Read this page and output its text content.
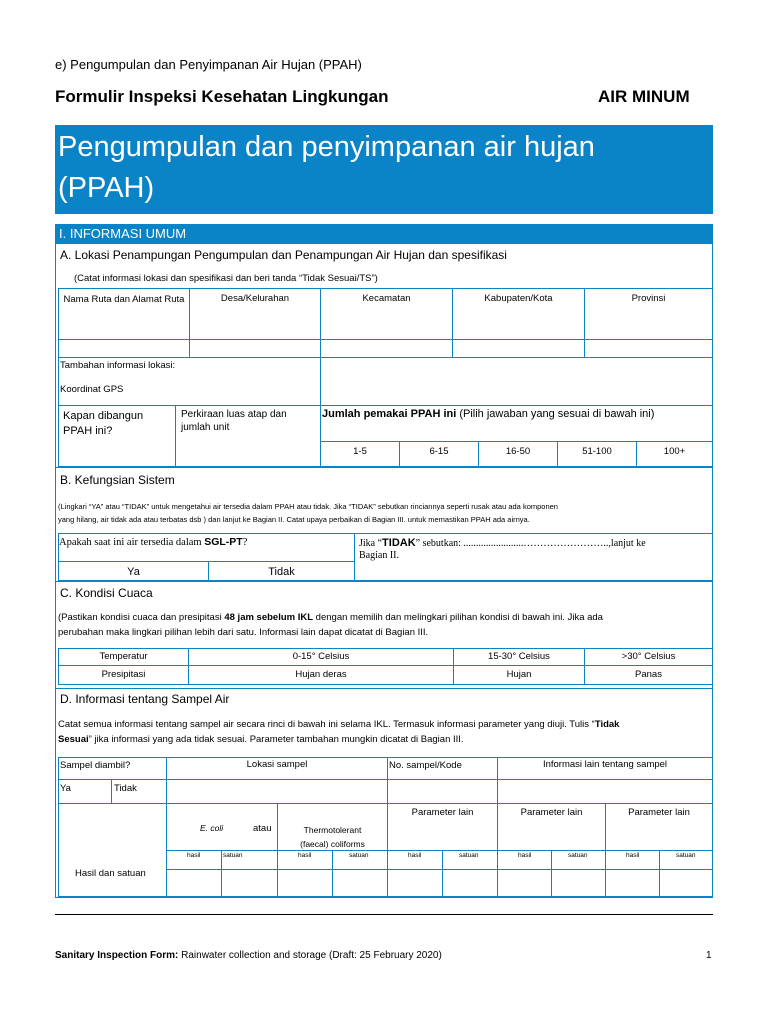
e) Pengumpulan dan Penyimpanan Air Hujan (PPAH)
Formulir Inspeksi Kesehatan Lingkungan	AIR MINUM
Pengumpulan dan penyimpanan air hujan
(PPAH)
I. INFORMASI UMUM
A. Lokasi Penampungan Pengumpulan dan Penampungan Air Hujan dan spesifikasi
(Catat informasi lokasi dan spesifikasi dan beri tanda “Tidak Sesuai/TS”)
Nama Ruta dan Alamat Ruta	Desa/Kelurahan	Kecamatan	Kabupaten/Kota	Provinsi
Tambahan informasi lokasi:
Koordinat GPS
Kapan dibangun PPAH ini?
Perkiraan luas atap dan jumlah unit
Jumlah pemakai PPAH ini (Pilih jawaban yang sesuai di bawah ini)
1-5	6-15	16-50	51-100	100+
B. Kefungsian Sistem
(Lingkari “YA” atau “TIDAK” untuk mengetahui air tersedia dalam PPAH atau tidak. Jika “TIDAK” sebutkan rinciannya seperti rusak atau ada komponen
yang hilang, air tidak ada atau terbatas dsb ) dan lanjut ke Bagian II. Catat upaya perbaikan di Bagian III. untuk memastikan PPAH ada airnya.
Apakah saat ini air tersedia dalam SGL-PT?	Jika “TIDAK” sebutkan: ........................……………………..,lanjut ke
Bagian II.
Ya	Tidak
C. Kondisi Cuaca
(Pastikan kondisi cuaca dan presipitasi 48 jam sebelum IKL dengan memilih dan melingkari pilihan kondisi di bawah ini. Jika ada
perubahan maka lingkari pilihan lebih dari satu. Informasi lain dapat dicatat di Bagian III.
Temperatur	0-15° Celsius	15-30° Celsius	>30° Celsius
Presipitasi	Hujan deras	Hujan	Panas
D. Informasi tentang Sampel Air
Catat semua informasi tentang sampel air secara rinci di bawah ini selama IKL. Termasuk informasi parameter yang diuji. Tulis “Tidak
Sesuai” jika informasi yang ada tidak sesuai. Parameter tambahan mungkin dicatat di Bagian III.
Sampel diambil?	Lokasi sampel	No. sampel/Kode	Informasi lain tentang sampel
Ya	Tidak
Hasil dan satuan
E. coli	atau	Thermotolerant
(faecal) coliforms
Parameter lain	Parameter lain	Parameter lain
hasil	satuan	hasil	satuan	hasil	satuan	hasil	satuan	hasil	satuan
Sanitary Inspection Form: Rainwater collection and storage (Draft: 25 February 2020)	1
